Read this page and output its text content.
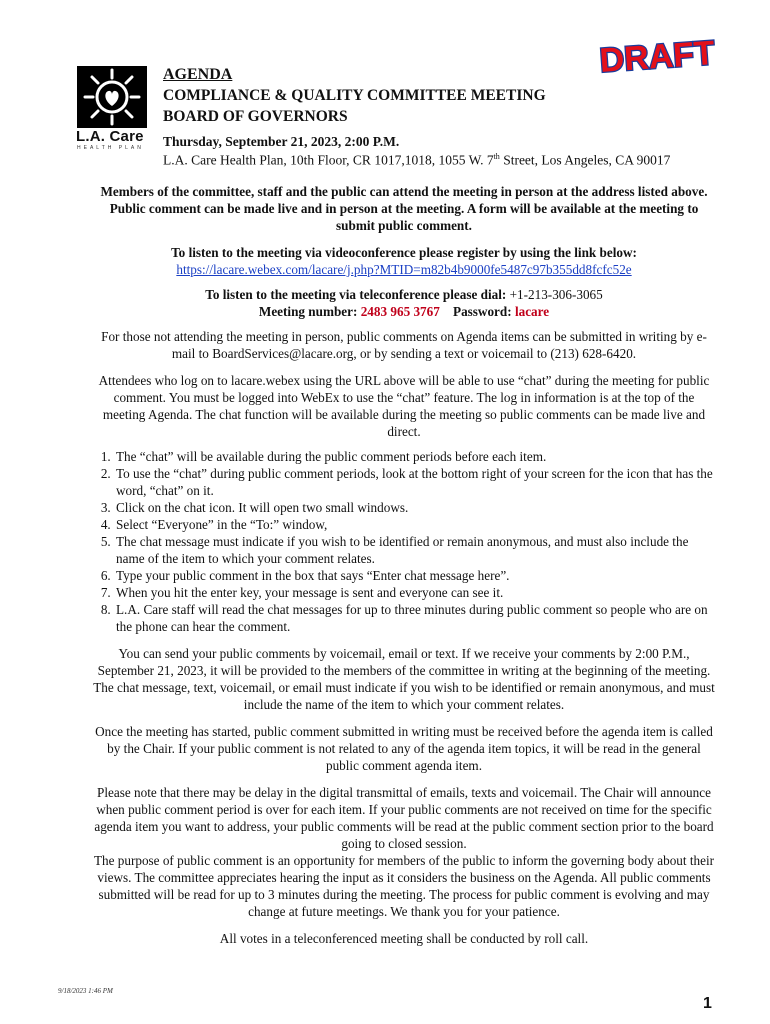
L.A. Care
HEALTH PLAN
DRAFT
AGENDA
COMPLIANCE & QUALITY COMMITTEE MEETING
BOARD OF GOVERNORS
Thursday, September 21, 2023, 2:00 P.M.
L.A. Care Health Plan, 10th Floor, CR 1017,1018, 1055 W. 7th Street, Los Angeles, CA 90017

Members of the committee, staff and the public can attend the meeting in person at the address listed above. Public comment can be made live and in person at the meeting. A form will be available at the meeting to submit public comment.

To listen to the meeting via videoconference please register by using the link below:

https://lacare.webex.com/lacare/j.php?MTID=m82b4b9000fe5487c97b355dd8fcfc52e

To listen to the meeting via teleconference please dial: +1-213-306-3065

Meeting number: 2483 965 3767 Password: lacare

For those not attending the meeting in person, public comments on Agenda items can be submitted in writing by e-mail to BoardServices@lacare.org, or by sending a text or voicemail to (213) 628-6420.

Attendees who log on to lacare.webex using the URL above will be able to use “chat” during the meeting for public comment. You must be logged into WebEx to use the “chat” feature. The log in information is at the top of the meeting Agenda. The chat function will be available during the meeting so public comments can be made live and direct.

1. The “chat” will be available during the public comment periods before each item.
2. To use the “chat” during public comment periods, look at the bottom right of your screen for the icon that has the word, “chat” on it.
3. Click on the chat icon. It will open two small windows.
4. Select “Everyone” in the “To:” window,
5. The chat message must indicate if you wish to be identified or remain anonymous, and must also include the name of the item to which your comment relates.
6. Type your public comment in the box that says “Enter chat message here”.
7. When you hit the enter key, your message is sent and everyone can see it.
8. L.A. Care staff will read the chat messages for up to three minutes during public comment so people who are on the phone can hear the comment.

You can send your public comments by voicemail, email or text. If we receive your comments by 2:00 P.M., September 21, 2023, it will be provided to the members of the committee in writing at the beginning of the meeting. The chat message, text, voicemail, or email must indicate if you wish to be identified or remain anonymous, and must include the name of the item to which your comment relates.

Once the meeting has started, public comment submitted in writing must be received before the agenda item is called by the Chair. If your public comment is not related to any of the agenda item topics, it will be read in the general public comment agenda item.

Please note that there may be delay in the digital transmittal of emails, texts and voicemail. The Chair will announce when public comment period is over for each item. If your public comments are not received on time for the specific agenda item you want to address, your public comments will be read at the public comment section prior to the board going to closed session.

The purpose of public comment is an opportunity for members of the public to inform the governing body about their views. The committee appreciates hearing the input as it considers the business on the Agenda. All public comments submitted will be read for up to 3 minutes during the meeting. The process for public comment is evolving and may change at future meetings. We thank you for your patience.

All votes in a teleconferenced meeting shall be conducted by roll call.

9/18/2023 1:46 PM
1
